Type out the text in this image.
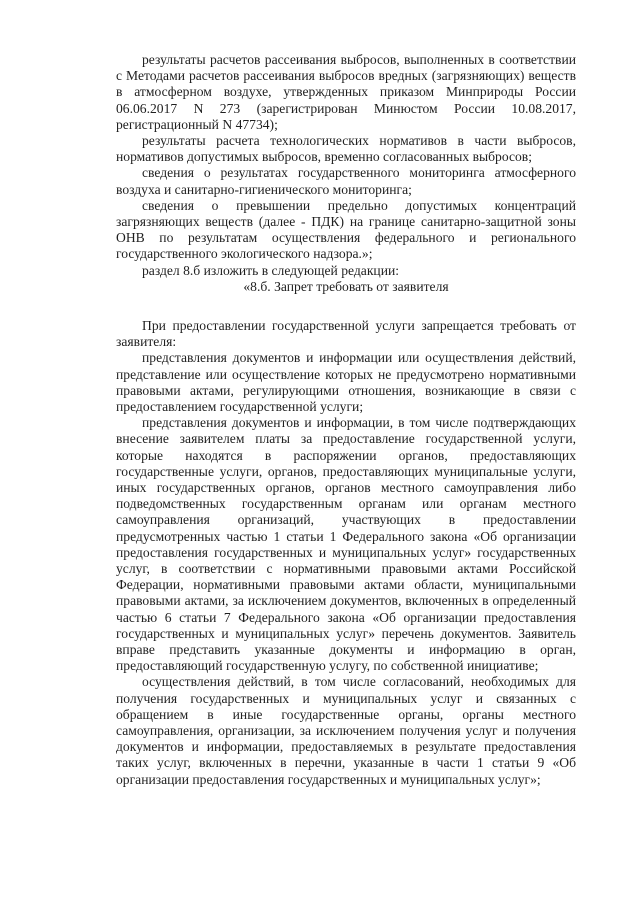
результаты расчетов рассеивания выбросов, выполненных в соответствии с Методами расчетов рассеивания выбросов вредных (загрязняющих) веществ в атмосферном воздухе, утвержденных приказом Минприроды России 06.06.2017 N 273 (зарегистрирован Минюстом России 10.08.2017, регистрационный N 47734);

результаты расчета технологических нормативов в части выбросов, нормативов допустимых выбросов, временно согласованных выбросов;

сведения о результатах государственного мониторинга атмосферного воздуха и санитарно-гигиенического мониторинга;

сведения о превышении предельно допустимых концентраций загрязняющих веществ (далее - ПДК) на границе санитарно-защитной зоны ОНВ по результатам осуществления федерального и регионального государственного экологического надзора.»;

раздел 8.б изложить в следующей редакции:

«8.б. Запрет требовать от заявителя

При предоставлении государственной услуги запрещается требовать от заявителя:

представления документов и информации или осуществления действий, представление или осуществление которых не предусмотрено нормативными правовыми актами, регулирующими отношения, возникающие в связи с предоставлением государственной услуги;

представления документов и информации, в том числе подтверждающих внесение заявителем платы за предоставление государственной услуги, которые находятся в распоряжении органов, предоставляющих государственные услуги, органов, предоставляющих муниципальные услуги, иных государственных органов, органов местного самоуправления либо подведомственных государственным органам или органам местного самоуправления организаций, участвующих в предоставлении предусмотренных частью 1 статьи 1 Федерального закона «Об организации предоставления государственных и муниципальных услуг» государственных услуг, в соответствии с нормативными правовыми актами Российской Федерации, нормативными правовыми актами области, муниципальными правовыми актами, за исключением документов, включенных в определенный частью 6 статьи 7 Федерального закона «Об организации предоставления государственных и муниципальных услуг» перечень документов. Заявитель вправе представить указанные документы и информацию в орган, предоставляющий государственную услугу, по собственной инициативе;

осуществления действий, в том числе согласований, необходимых для получения государственных и муниципальных услуг и связанных с обращением в иные государственные органы, органы местного самоуправления, организации, за исключением получения услуг и получения документов и информации, предоставляемых в результате предоставления таких услуг, включенных в перечни, указанные в части 1 статьи 9 «Об организации предоставления государственных и муниципальных услуг»;
